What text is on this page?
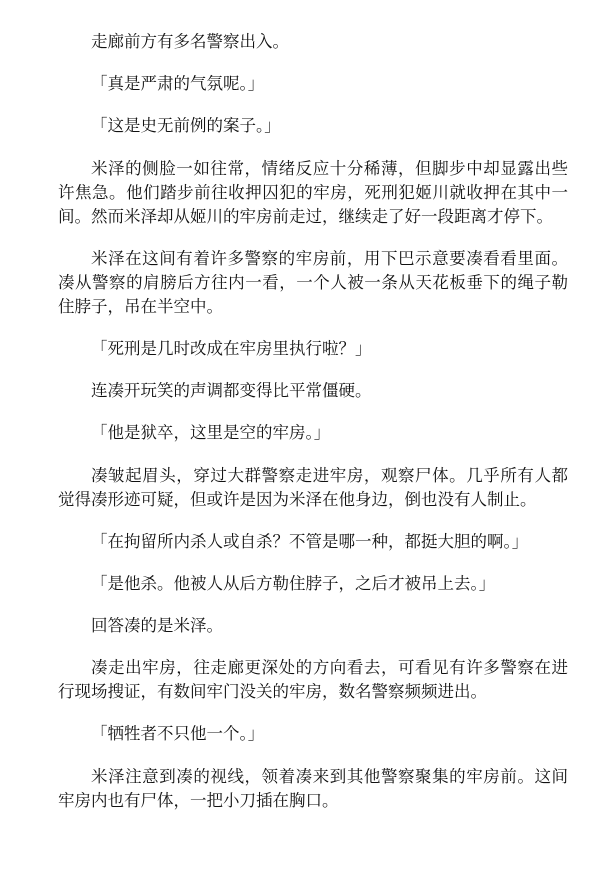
走廊前方有多名警察出入。

「真是严肃的气氛呢。」

「这是史无前例的案子。」

米泽的侧脸一如往常，情绪反应十分稀薄，但脚步中却显露出些许焦急。他们踏步前往收押囚犯的牢房，死刑犯姬川就收押在其中一间。然而米泽却从姬川的牢房前走过，继续走了好一段距离才停下。

米泽在这间有着许多警察的牢房前，用下巴示意要凑看看里面。凑从警察的肩膀后方往内一看，一个人被一条从天花板垂下的绳子勒住脖子，吊在半空中。

「死刑是几时改成在牢房里执行啦？」

连凑开玩笑的声调都变得比平常僵硬。

「他是狱卒，这里是空的牢房。」

凑皱起眉头，穿过大群警察走进牢房，观察尸体。几乎所有人都觉得凑形迹可疑，但或许是因为米泽在他身边，倒也没有人制止。

「在拘留所内杀人或自杀？不管是哪一种，都挺大胆的啊。」

「是他杀。他被人从后方勒住脖子，之后才被吊上去。」

回答凑的是米泽。

凑走出牢房，往走廊更深处的方向看去，可看见有许多警察在进行现场搜证，有数间牢门没关的牢房，数名警察频频进出。

「牺牲者不只他一个。」

米泽注意到凑的视线，领着凑来到其他警察聚集的牢房前。这间牢房内也有尸体，一把小刀插在胸口。
